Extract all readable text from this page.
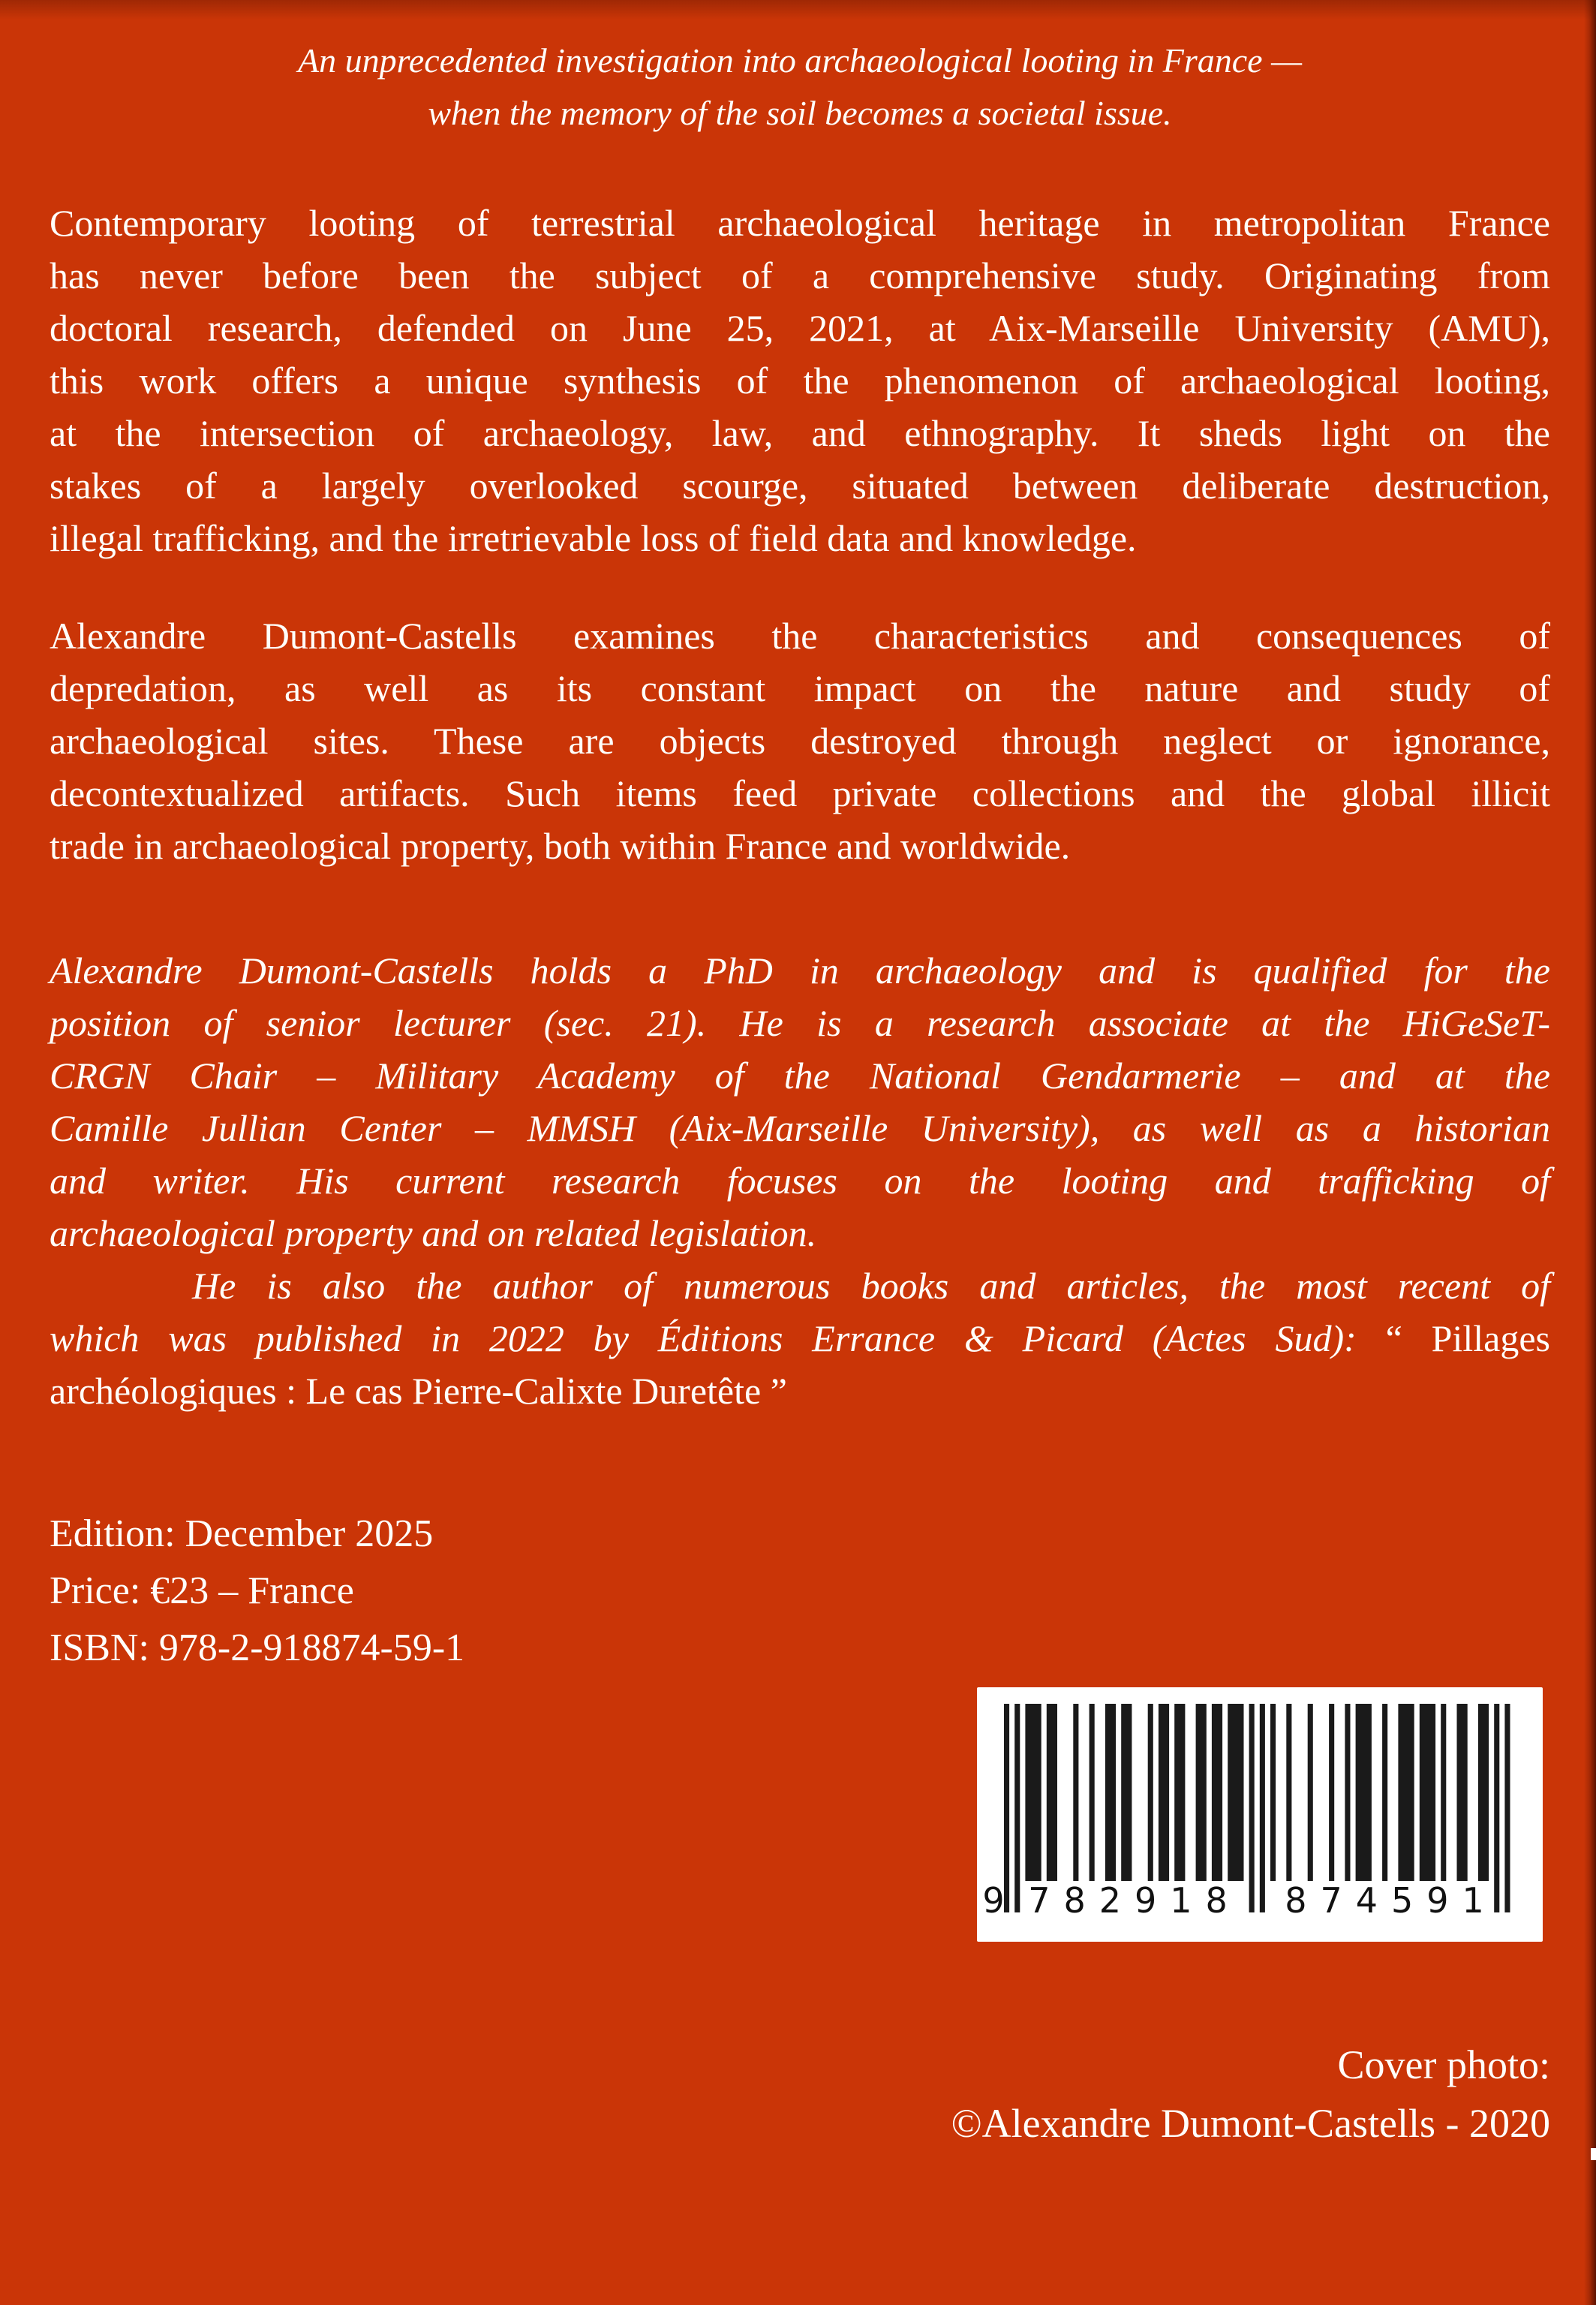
An unprecedented investigation into archaeological looting in France —
when the memory of the soil becomes a societal issue.
Contemporary looting of terrestrial archaeological heritage in metropolitan France
has never before been the subject of a comprehensive study. Originating from
doctoral research, defended on June 25, 2021, at Aix-Marseille University (AMU),
this work offers a unique synthesis of the phenomenon of archaeological looting,
at the intersection of archaeology, law, and ethnography. It sheds light on the
stakes of a largely overlooked scourge, situated between deliberate destruction,
illegal trafficking, and the irretrievable loss of field data and knowledge.
Alexandre Dumont-Castells examines the characteristics and consequences of
depredation, as well as its constant impact on the nature and study of
archaeological sites. These are objects destroyed through neglect or ignorance,
decontextualized artifacts. Such items feed private collections and the global illicit
trade in archaeological property, both within France and worldwide.
Alexandre Dumont-Castells holds a PhD in archaeology and is qualified for the
position of senior lecturer (sec. 21). He is a research associate at the HiGeSeT-
CRGN Chair – Military Academy of the National Gendarmerie – and at the
Camille Jullian Center – MMSH (Aix-Marseille University), as well as a historian
and writer. His current research focuses on the looting and trafficking of
archaeological property and on related legislation.
He is also the author of numerous books and articles, the most recent of
which was published in 2022 by Éditions Errance & Picard (Actes Sud): “ Pillages
archéologiques : Le cas Pierre-Calixte Duretête ”
Edition: December 2025
Price: €23 – France
ISBN: 978-2-918874-59-1
9 782918	874591
Cover photo:
©Alexandre Dumont-Castells - 2020
